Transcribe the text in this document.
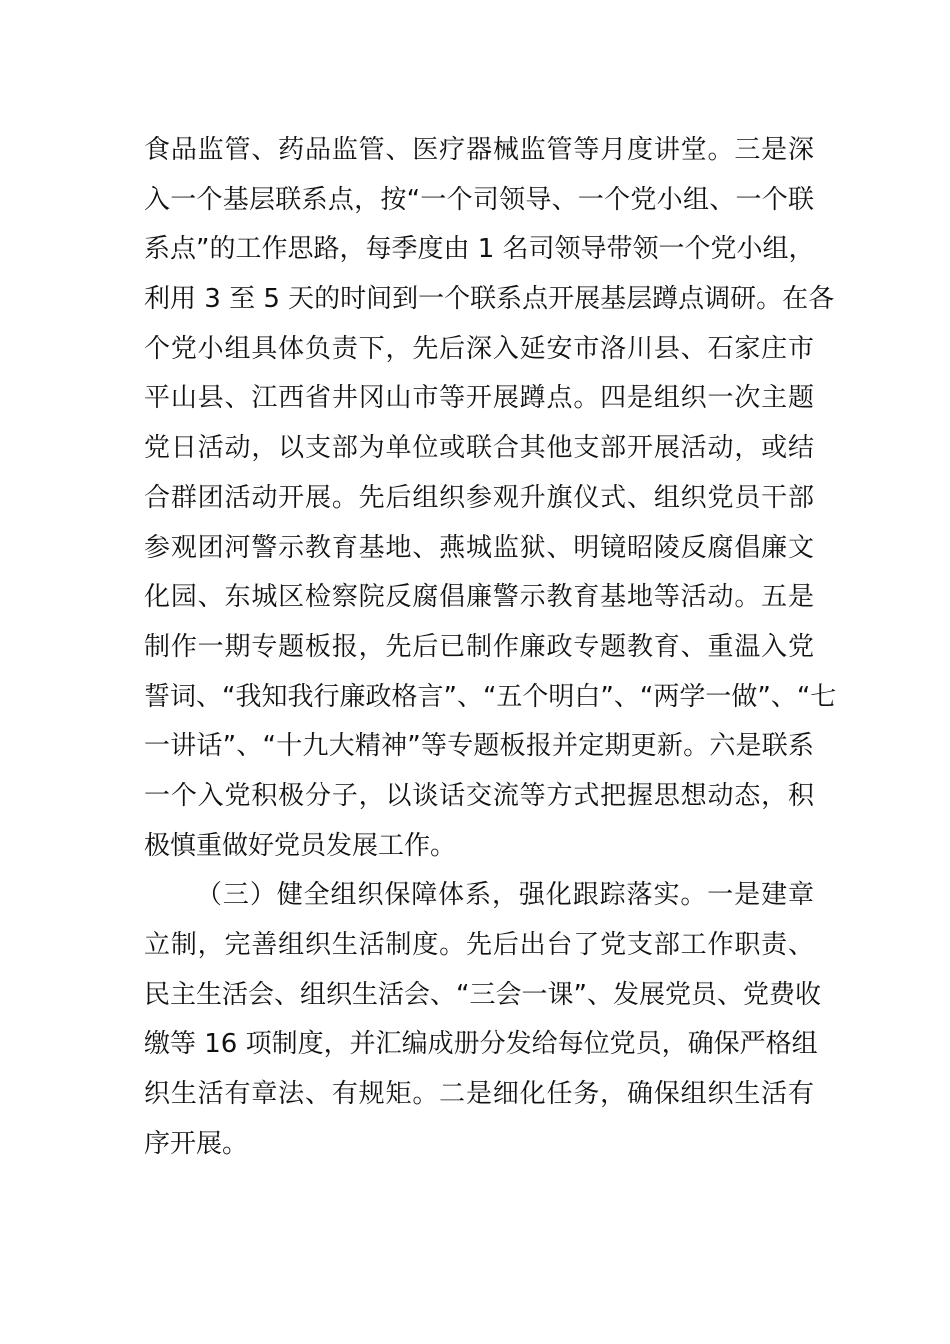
食品监管、药品监管、医疗器械监管等月度讲堂。三是深
入一个基层联系点，按“一个司领导、一个党小组、一个联
系点”的工作思路，每季度由 1 名司领导带领一个党小组，
利用 3 至 5 天的时间到一个联系点开展基层蹲点调研。在各
个党小组具体负责下，先后深入延安市洛川县、石家庄市
平山县、江西省井冈山市等开展蹲点。四是组织一次主题
党日活动，以支部为单位或联合其他支部开展活动，或结
合群团活动开展。先后组织参观升旗仪式、组织党员干部
参观团河警示教育基地、燕城监狱、明镜昭陵反腐倡廉文
化园、东城区检察院反腐倡廉警示教育基地等活动。五是
制作一期专题板报，先后已制作廉政专题教育、重温入党
誓词、“我知我行廉政格言”、“五个明白”、“两学一做”、“七
一讲话”、“十九大精神”等专题板报并定期更新。六是联系
一个入党积极分子，以谈话交流等方式把握思想动态，积
极慎重做好党员发展工作。
（三）健全组织保障体系，强化跟踪落实。一是建章
立制，完善组织生活制度。先后出台了党支部工作职责、
民主生活会、组织生活会、“三会一课”、发展党员、党费收
缴等 16 项制度，并汇编成册分发给每位党员，确保严格组
织生活有章法、有规矩。二是细化任务，确保组织生活有
序开展。
